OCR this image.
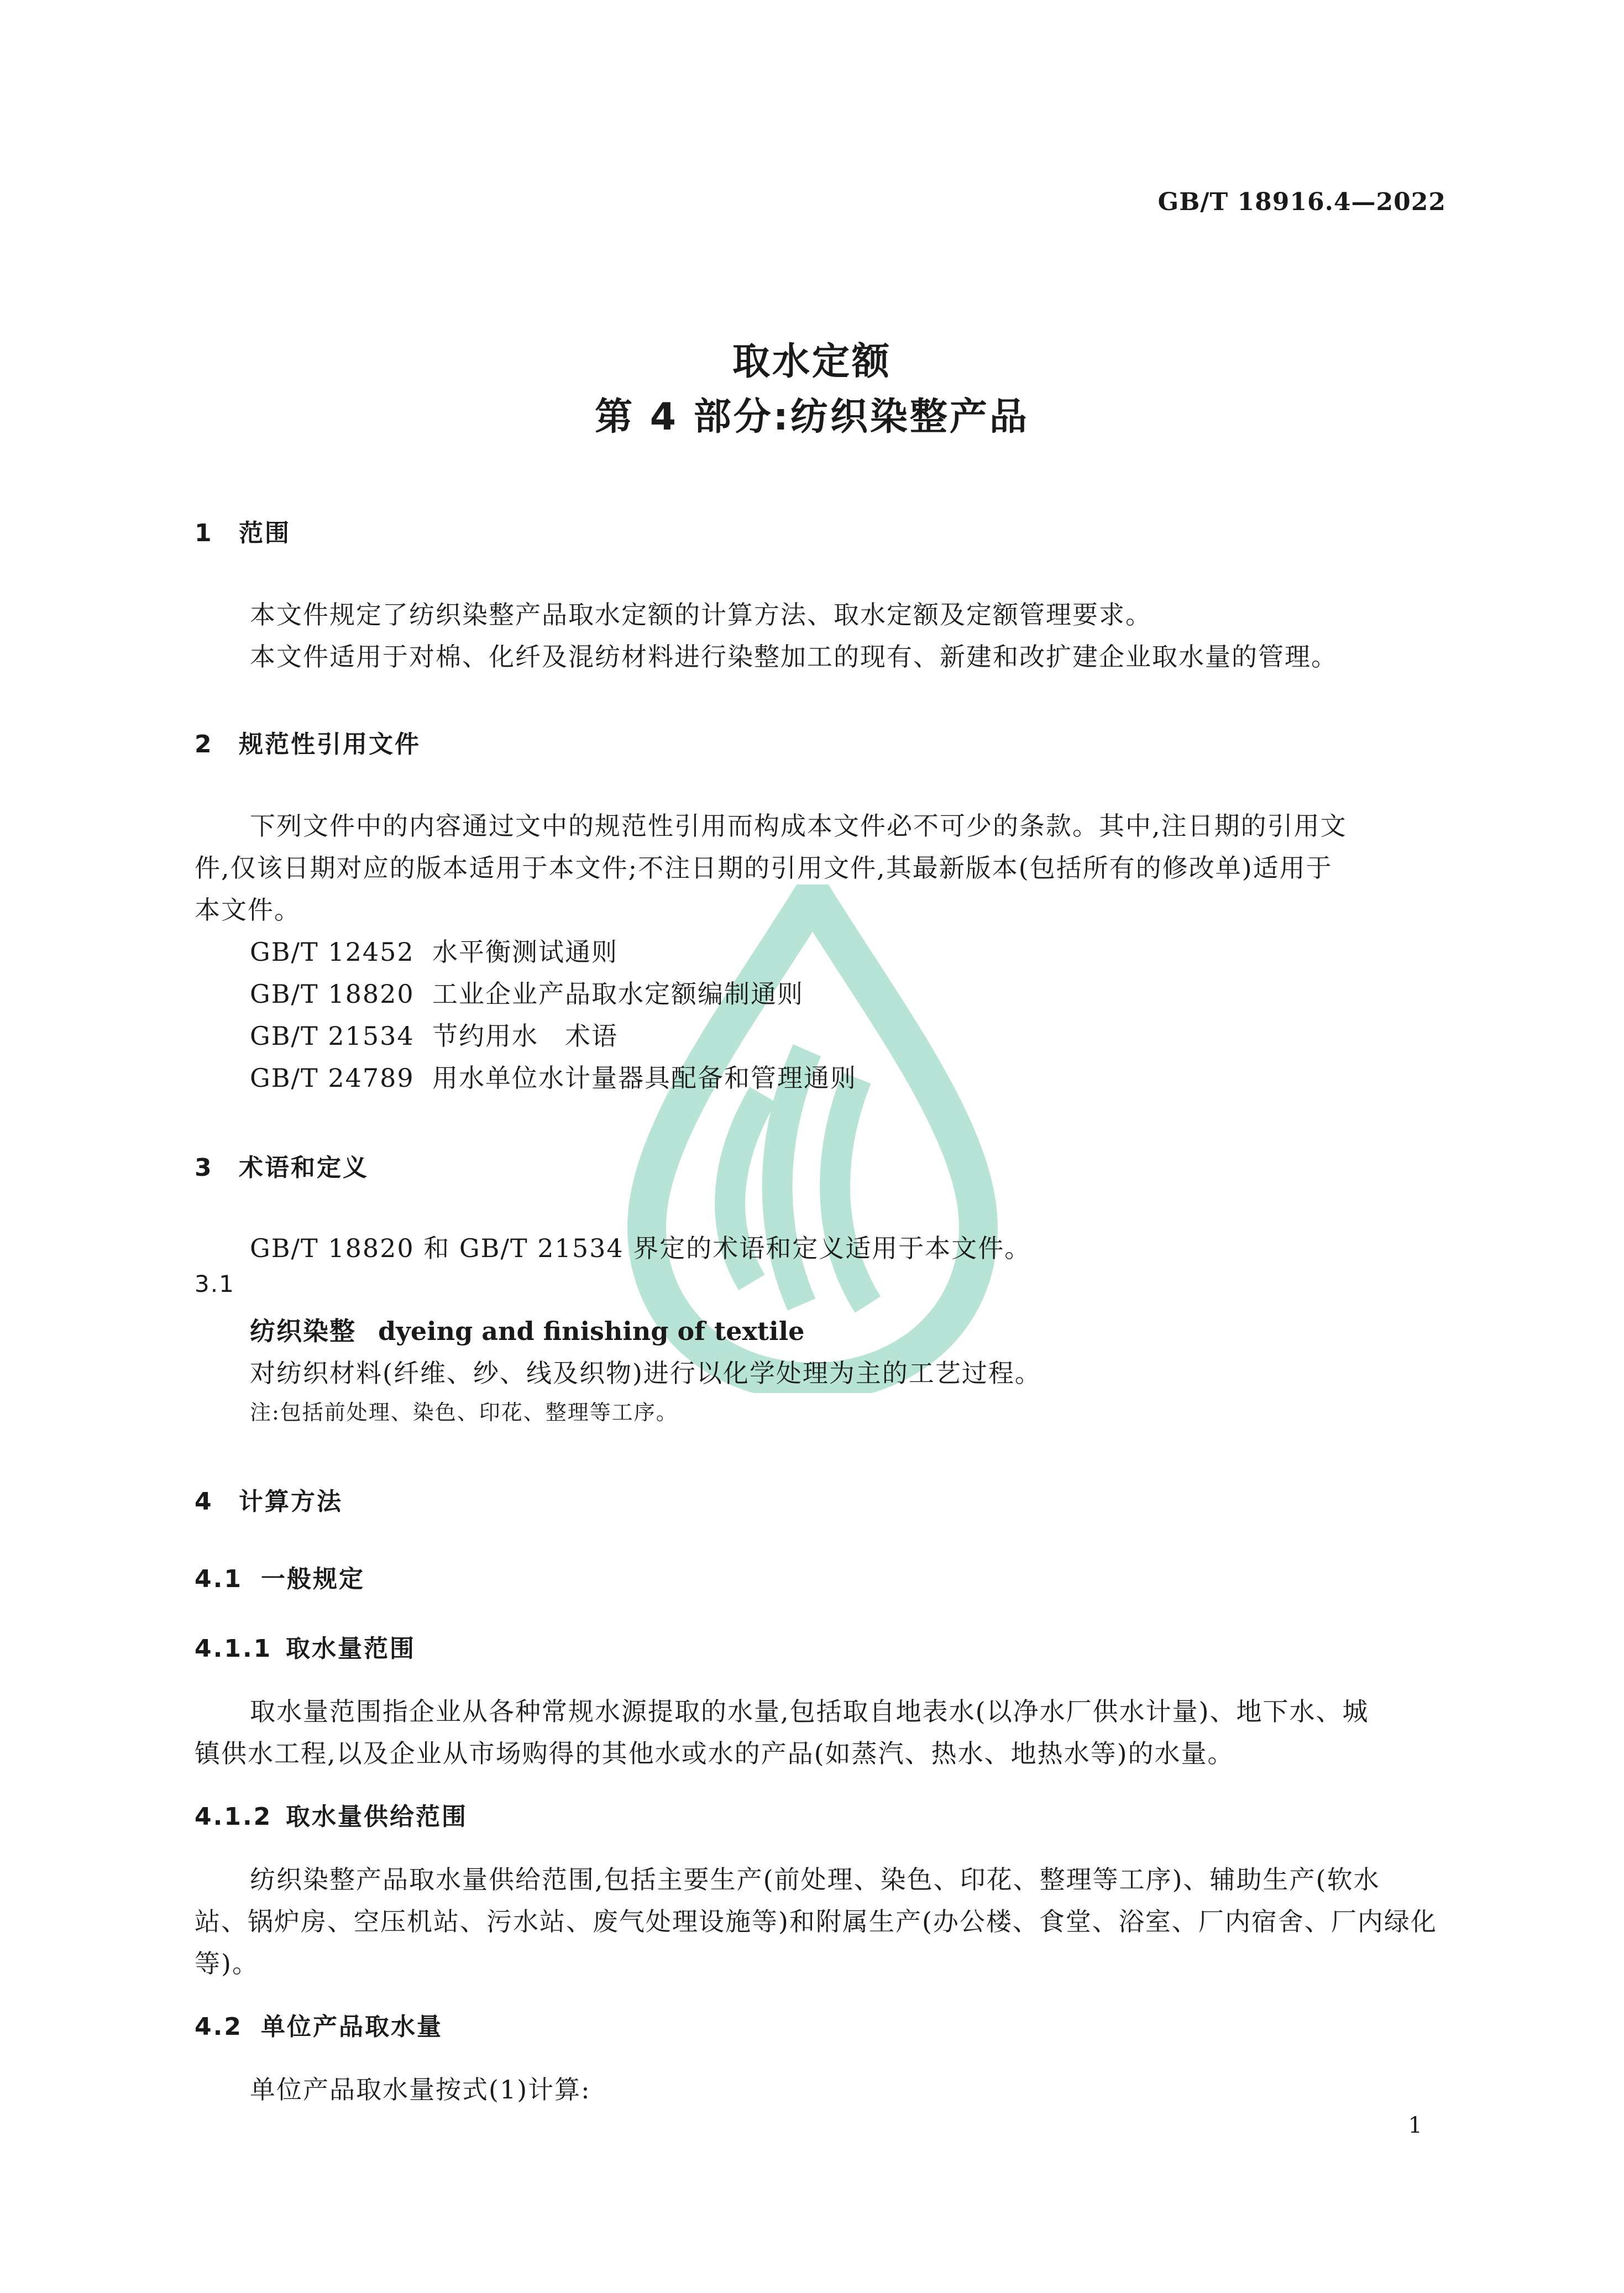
GB/T 18916.4—2022
取水定额
第 4 部分:纺织染整产品
1 范围
本文件规定了纺织染整产品取水定额的计算方法、取水定额及定额管理要求。
本文件适用于对棉、化纤及混纺材料进行染整加工的现有、新建和改扩建企业取水量的管理。
2 规范性引用文件
下列文件中的内容通过文中的规范性引用而构成本文件必不可少的条款。其中,注日期的引用文
件,仅该日期对应的版本适用于本文件;不注日期的引用文件,其最新版本(包括所有的修改单)适用于
本文件。
GB/T 12452 水平衡测试通则
GB/T 18820 工业企业产品取水定额编制通则
GB/T 21534 节约用水　术语
GB/T 24789 用水单位水计量器具配备和管理通则
3 术语和定义
GB/T 18820 和 GB/T 21534 界定的术语和定义适用于本文件。
3.1
纺织染整 dyeing and finishing of textile
对纺织材料(纤维、纱、线及织物)进行以化学处理为主的工艺过程。
注:包括前处理、染色、印花、整理等工序。
4 计算方法
4.1 一般规定
4.1.1 取水量范围
取水量范围指企业从各种常规水源提取的水量,包括取自地表水(以净水厂供水计量)、地下水、城
镇供水工程,以及企业从市场购得的其他水或水的产品(如蒸汽、热水、地热水等)的水量。
4.1.2 取水量供给范围
纺织染整产品取水量供给范围,包括主要生产(前处理、染色、印花、整理等工序)、辅助生产(软水
站、锅炉房、空压机站、污水站、废气处理设施等)和附属生产(办公楼、食堂、浴室、厂内宿舍、厂内绿化
等)。
4.2 单位产品取水量
单位产品取水量按式(1)计算:
1
